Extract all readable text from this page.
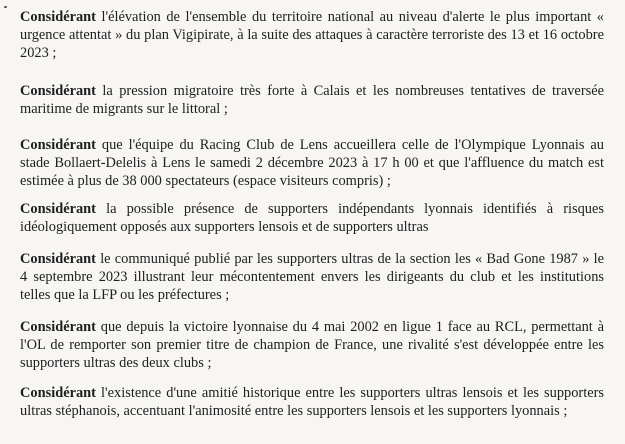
Considérant l'élévation de l'ensemble du territoire national au niveau d'alerte le plus important « urgence attentat » du plan Vigipirate, à la suite des attaques à caractère terroriste des 13 et 16 octobre 2023 ;

Considérant la pression migratoire très forte à Calais et les nombreuses tentatives de traversée maritime de migrants sur le littoral ;

Considérant que l'équipe du Racing Club de Lens accueillera celle de l'Olympique Lyonnais au stade Bollaert-Delelis à Lens le samedi 2 décembre 2023 à 17 h 00 et que l'affluence du match est estimée à plus de 38 000 spectateurs (espace visiteurs compris) ;

Considérant la possible présence de supporters indépendants lyonnais identifiés à risques idéologiquement opposés aux supporters lensois et de supporters ultras

Considérant le communiqué publié par les supporters ultras de la section les « Bad Gone 1987 » le 4 septembre 2023 illustrant leur mécontentement envers les dirigeants du club et les institutions telles que la LFP ou les préfectures ;

Considérant que depuis la victoire lyonnaise du 4 mai 2002 en ligue 1 face au RCL, permettant à l'OL de remporter son premier titre de champion de France, une rivalité s'est développée entre les supporters ultras des deux clubs ;

Considérant l'existence d'une amitié historique entre les supporters ultras lensois et les supporters ultras stéphanois, accentuant l'animosité entre les supporters lensois et les supporters lyonnais ;
